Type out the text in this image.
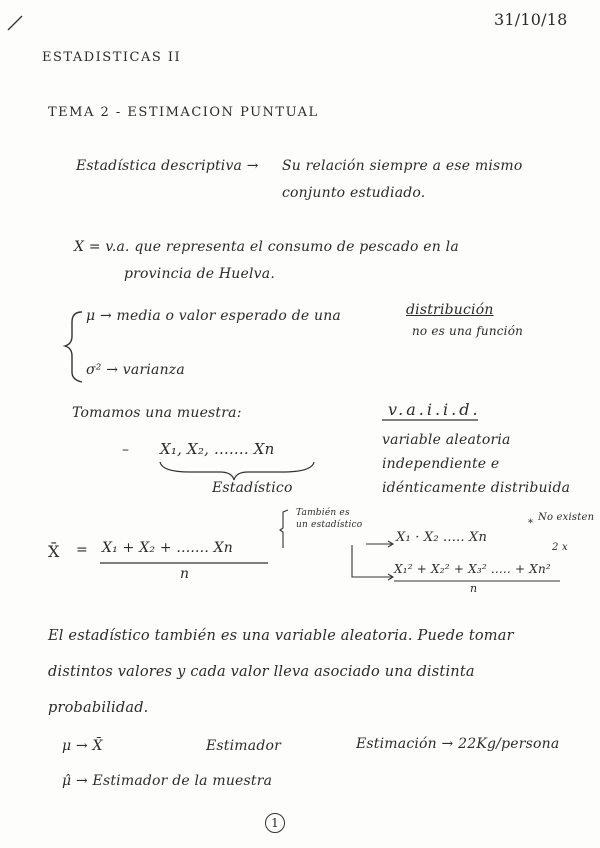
31/10/18
ESTADISTICAS II
TEMA 2 - ESTIMACION PUNTUAL
Estadística descriptiva → Su relación siempre a ese mismo
conjunto estudiado.
X = v.a. que representa el consumo de pescado en la
provincia de Huelva.
μ → media o valor esperado de una	distribución
no es una función
σ² → varianza
Tomamos una muestra:	v.a.i.i.d.
variable aleatoria
independiente e
idénticamente distribuida
– X₁, X₂, ....... Xn
Estadístico
X̄ = X₁ + X₂ + ....... Xn
n
También es
un estadístico
X₁ · X₂ ..... Xn
*
No existen
X₁² + X₂² + X₃² ..... + Xn²
2 x
n
El estadístico también es una variable aleatoria. Puede tomar
distintos valores y cada valor lleva asociado una distinta
probabilidad.
μ → X̄	Estimador	Estimación → 22Kg/persona
μ̂ → Estimador de la muestra
1
